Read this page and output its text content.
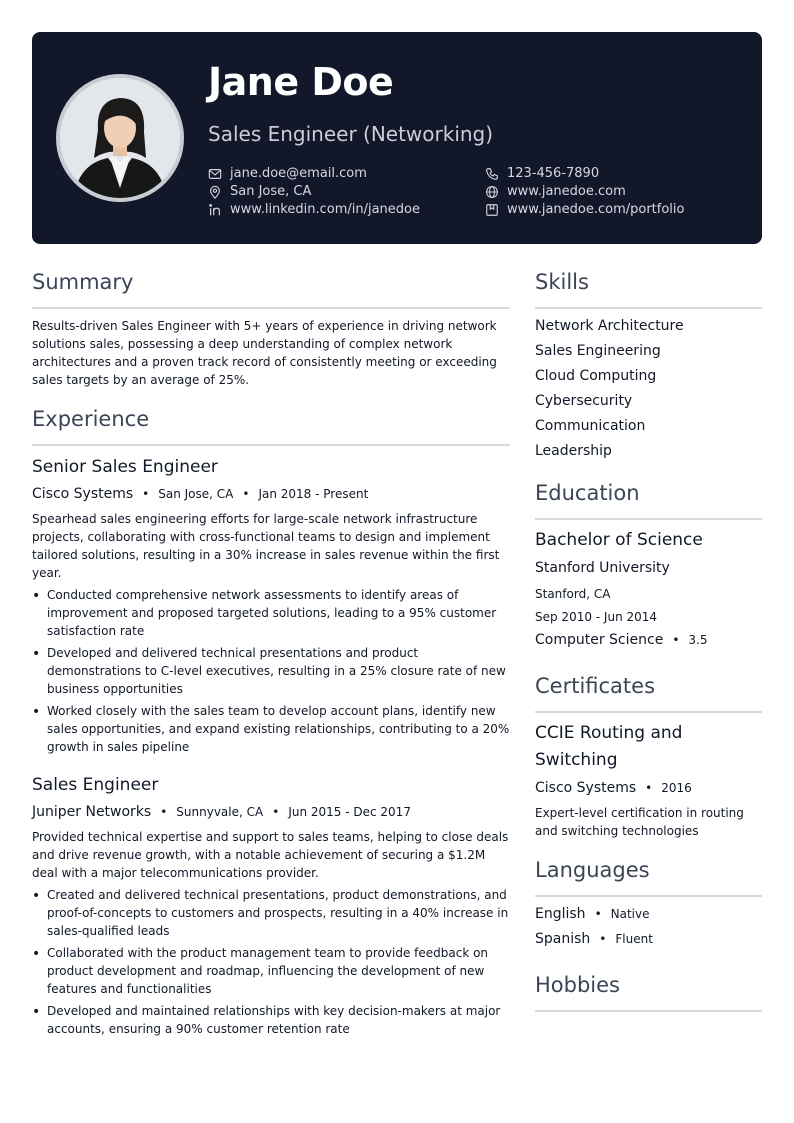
Jane Doe
Sales Engineer (Networking)
jane.doe@email.com	123-456-7890
San Jose, CA	www.janedoe.com
www.linkedin.com/in/janedoe	www.janedoe.com/portfolio
Summary
Results-driven Sales Engineer with 5+ years of experience in driving network solutions sales, possessing a deep understanding of complex network architectures and a proven track record of consistently meeting or exceeding sales targets by an average of 25%.
Experience
Senior Sales Engineer
Cisco Systems • San Jose, CA • Jan 2018 - Present
Spearhead sales engineering efforts for large-scale network infrastructure projects, collaborating with cross-functional teams to design and implement tailored solutions, resulting in a 30% increase in sales revenue within the first year.
• Conducted comprehensive network assessments to identify areas of improvement and proposed targeted solutions, leading to a 95% customer satisfaction rate
• Developed and delivered technical presentations and product demonstrations to C-level executives, resulting in a 25% closure rate of new business opportunities
• Worked closely with the sales team to develop account plans, identify new sales opportunities, and expand existing relationships, contributing to a 20% growth in sales pipeline
Sales Engineer
Juniper Networks • Sunnyvale, CA • Jun 2015 - Dec 2017
Provided technical expertise and support to sales teams, helping to close deals and drive revenue growth, with a notable achievement of securing a $1.2M deal with a major telecommunications provider.
• Created and delivered technical presentations, product demonstrations, and proof-of-concepts to customers and prospects, resulting in a 40% increase in sales-qualified leads
• Collaborated with the product management team to provide feedback on product development and roadmap, influencing the development of new features and functionalities
• Developed and maintained relationships with key decision-makers at major accounts, ensuring a 90% customer retention rate
Skills
Network Architecture
Sales Engineering
Cloud Computing
Cybersecurity
Communication
Leadership
Education
Bachelor of Science
Stanford University
Stanford, CA
Sep 2010 - Jun 2014
Computer Science • 3.5
Certificates
CCIE Routing and
Switching
Cisco Systems • 2016
Expert-level certification in routing and switching technologies
Languages
English • Native
Spanish • Fluent
Hobbies
